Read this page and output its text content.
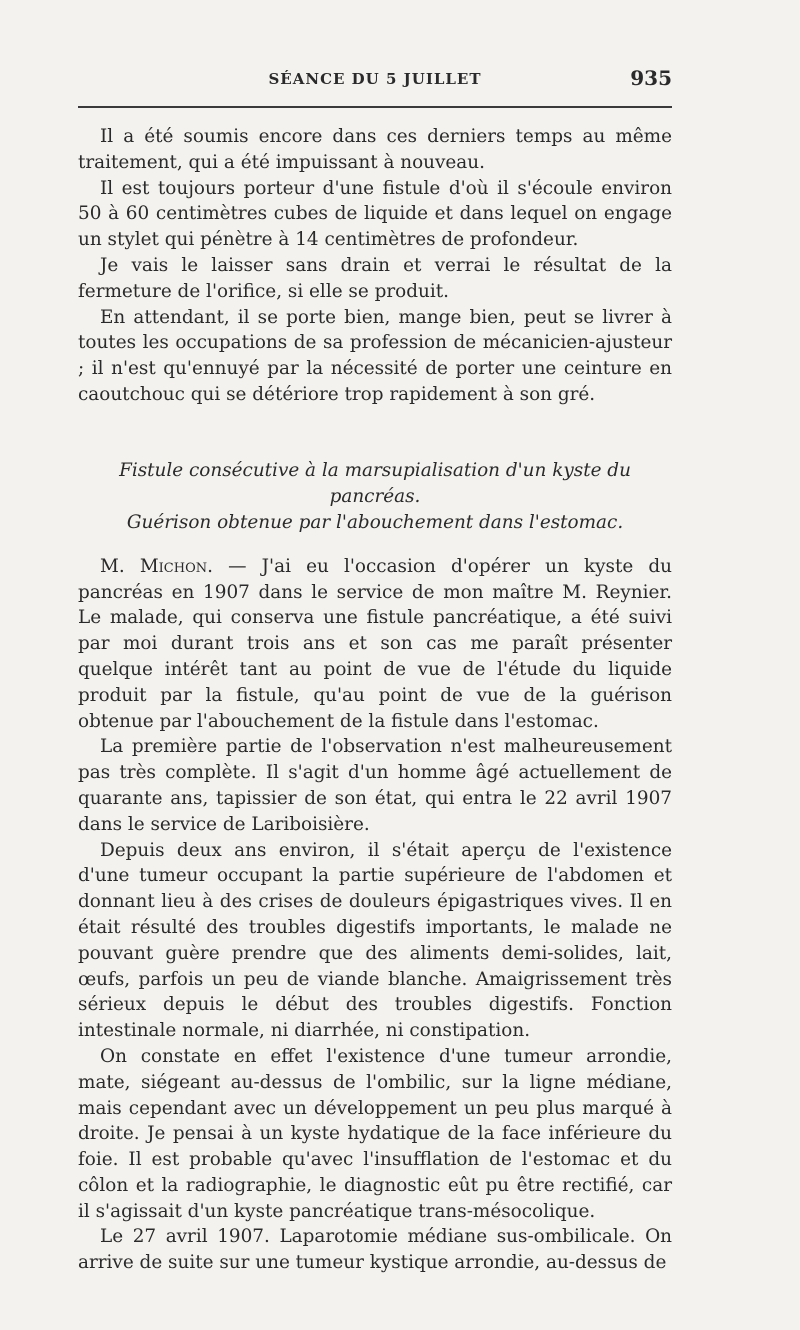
SÉANCE DU 5 JUILLET	935

Il a été soumis encore dans ces derniers temps au même traitement, qui a été impuissant à nouveau.

Il est toujours porteur d'une fistule d'où il s'écoule environ 50 à 60 centimètres cubes de liquide et dans lequel on engage un stylet qui pénètre à 14 centimètres de profondeur.

Je vais le laisser sans drain et verrai le résultat de la fermeture de l'orifice, si elle se produit.

En attendant, il se porte bien, mange bien, peut se livrer à toutes les occupations de sa profession de mécanicien-ajusteur ; il n'est qu'ennuyé par la nécessité de porter une ceinture en caoutchouc qui se détériore trop rapidement à son gré.

Fistule consécutive à la marsupialisation d'un kyste du pancréas.
Guérison obtenue par l'abouchement dans l'estomac.

M. Michon. — J'ai eu l'occasion d'opérer un kyste du pancréas en 1907 dans le service de mon maître M. Reynier. Le malade, qui conserva une fistule pancréatique, a été suivi par moi durant trois ans et son cas me paraît présenter quelque intérêt tant au point de vue de l'étude du liquide produit par la fistule, qu'au point de vue de la guérison obtenue par l'abouchement de la fistule dans l'estomac.

La première partie de l'observation n'est malheureusement pas très complète. Il s'agit d'un homme âgé actuellement de quarante ans, tapissier de son état, qui entra le 22 avril 1907 dans le service de Lariboisière.

Depuis deux ans environ, il s'était aperçu de l'existence d'une tumeur occupant la partie supérieure de l'abdomen et donnant lieu à des crises de douleurs épigastriques vives. Il en était résulté des troubles digestifs importants, le malade ne pouvant guère prendre que des aliments demi-solides, lait, œufs, parfois un peu de viande blanche. Amaigrissement très sérieux depuis le début des troubles digestifs. Fonction intestinale normale, ni diarrhée, ni constipation.

On constate en effet l'existence d'une tumeur arrondie, mate, siégeant au-dessus de l'ombilic, sur la ligne médiane, mais cependant avec un développement un peu plus marqué à droite. Je pensai à un kyste hydatique de la face inférieure du foie. Il est probable qu'avec l'insufflation de l'estomac et du côlon et la radiographie, le diagnostic eût pu être rectifié, car il s'agissait d'un kyste pancréatique trans-mésocolique.

Le 27 avril 1907. Laparotomie médiane sus-ombilicale. On arrive de suite sur une tumeur kystique arrondie, au-dessus de
